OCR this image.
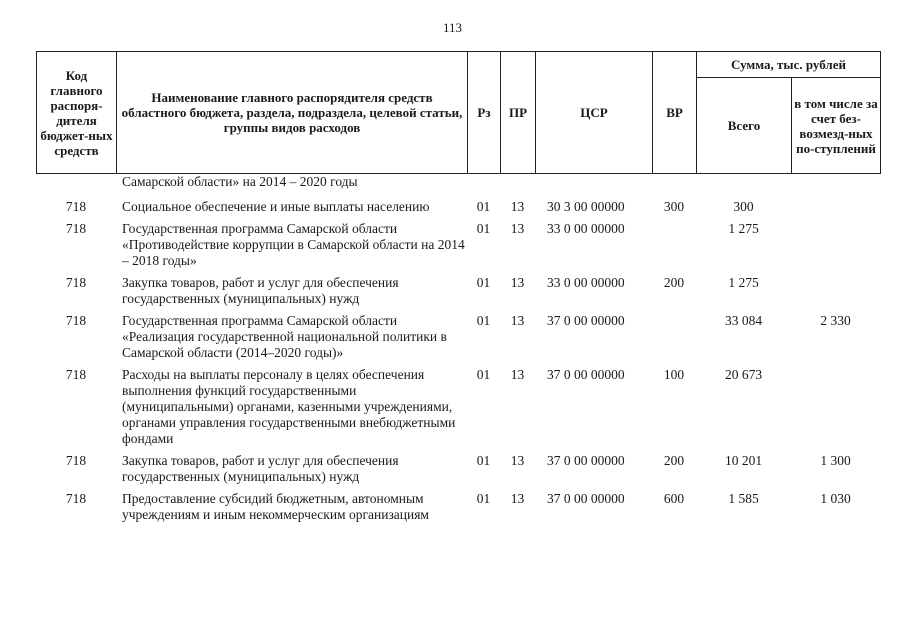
113
Код главного распоря-дителя бюджет-ных средств	Наименование главного распорядителя средств областного бюджета, раздела, подраздела, целевой статьи, группы видов расходов	Рз	ПР	ЦСР	ВР	Сумма, тыс. рублей	
						Всего	в том числе за счет без-возмезд-ных по-ступлений
	Самарской области» на 2014 – 2020 годы						
718	Социальное обеспечение и иные выплаты населению	01	13	30 3 00 00000	300	300	
718	Государственная программа Самарской области «Противодействие коррупции в Самарской области на 2014 – 2018 годы»	01	13	33 0 00 00000		1 275	
718	Закупка товаров, работ и услуг для обеспечения государственных (муниципальных) нужд	01	13	33 0 00 00000	200	1 275	
718	Государственная программа Самарской области «Реализация государственной национальной политики в Самарской области (2014–2020 годы)»	01	13	37 0 00 00000		33 084	2 330
718	Расходы на выплаты персоналу в целях обеспечения выполнения функций государственными (муниципальными) органами, казенными учреждениями, органами управления государственными внебюджетными фондами	01	13	37 0 00 00000	100	20 673	
718	Закупка товаров, работ и услуг для обеспечения государственных (муниципальных) нужд	01	13	37 0 00 00000	200	10 201	1 300
718	Предоставление субсидий бюджетным, автономным учреждениям и иным некоммерческим организациям	01	13	37 0 00 00000	600	1 585	1 030
